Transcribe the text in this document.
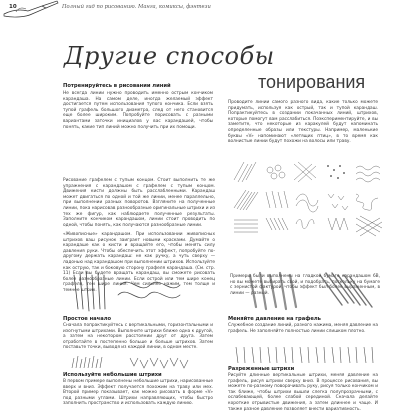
10	Полный гид по рисованию. Манга, комиксы, фэнтези
Другие способы
тонирования
Потренируйтесь в рисовании линий
Не всегда линии нужно проводить именно острым кончиком карандаша. На самом деле, иногда желаемый эффект достигается путем использования тупого кончика. Если взять тупой графель большого диаметра, след от него становится еще более широким. Попробуйте порисовать с разными вариантами заточки инициалов у вас карандашей, чтобы понять, какие тип линий можно получить при их помощи.
Проводите линии самого разного вида, какие только можете придумать, используя как острый, так и тупой карандаш. Попрактикуйтесь в создании покачанных линий, штрихов, которые помогут вам расслабиться. Поэкспериментируйте, и вы заметите, что некоторые из каракулей будут напоминать определенные образы или текстуры. Например, маленькие буквы «V» напоминают «летящих птиц», в то время как волнистые линии будут похожи на волосы или траву.
Рисование графелем с тупым концом. Стоит выполнить те же упражнения с карандашом с графелем с тупым концом. Движения кисти должны быть расслабленными. Карандаш может двигаться по одной и той же линии, менее параллельно, при выполнении разных поворотов. Взгляните на полученные линии, пока нарисовав разнообразные оригинальные штрихи и из тех же фигур, как наблюдаете полученные результаты. Заполните кончиком карандашом, линии стоит проводить по одной, чтобы понять, как получаются разнообразные линии.
«Живописные» карандашом. При использовании живописных штрихов ваш рисунок заиграет новыми красками. Думайте о карандаше как о кисти и вращайте его, чтобы менять силу давления руки. Чтобы обеспечить этот эффект, попробуйте по-другому держать карандаш: не как ручку, а чуть сверху — ладонью над карандашом при выполнении штрихов. Используйте как острую, так и боковую сторону графеля карандаша. (См. стр. 11) Если вы будете вращать карандаш, вы сможете рисовать более разнообразные линии. Если острой или тем шире конец графеля, тем шире линия. Чем сильнее нажим, тем толще и темнее штрих.
Примеры были выполнены на гладкой бумаге карандашом 6B, но вы можете выбирать свой, и подобрать, поскольку на бумаге с зернистой фактурой, чтобы эффект был более выраженным, в линии — разный.
Простое начало
Сначала попрактикуйтесь с вертикальными, горизонтальными и изогнутыми штрихами. Выполните штрихи ближе одна к другой, а затем на некотором расстоянии друг от друга. Затем отработайте в постепенно больше и больше штрихов. Затем поставьте точки, выводя из каждой линии, в одном месте.
Меняйте давление на графель
Служебное создание линий, разного нажима, меняя давление на графель. Не заполняйте полностью линии слишком плотно.
Используйте небольшие штрихи
В первом примере выполнены небольшие штрихи, нарисованные вверх и вниз. Эффект получается похожим на траву или мех. Второй пример показывает, как можно рисовать в форме «V» под разными углами. Штрихи направляющих, чтобы быстро заполнить пространство и использовать каждую линию.
Разреженные штрихи
Рисуйте длинные вертикальные штрихи, меняя давление на графель, рисуя штрихи сверху вниз. В процессе рисования, вы можете по-разному поворачивать руку, рисуя только кончиком и так ближе, чтобы штрихи вышли слегка полупрозрачными, с ослабевающей, более слабой серединой. Сначала делайте короткие отрывистые движения, а затем длиннее и чаще. И также разное давление позволяет внести вариативность.
